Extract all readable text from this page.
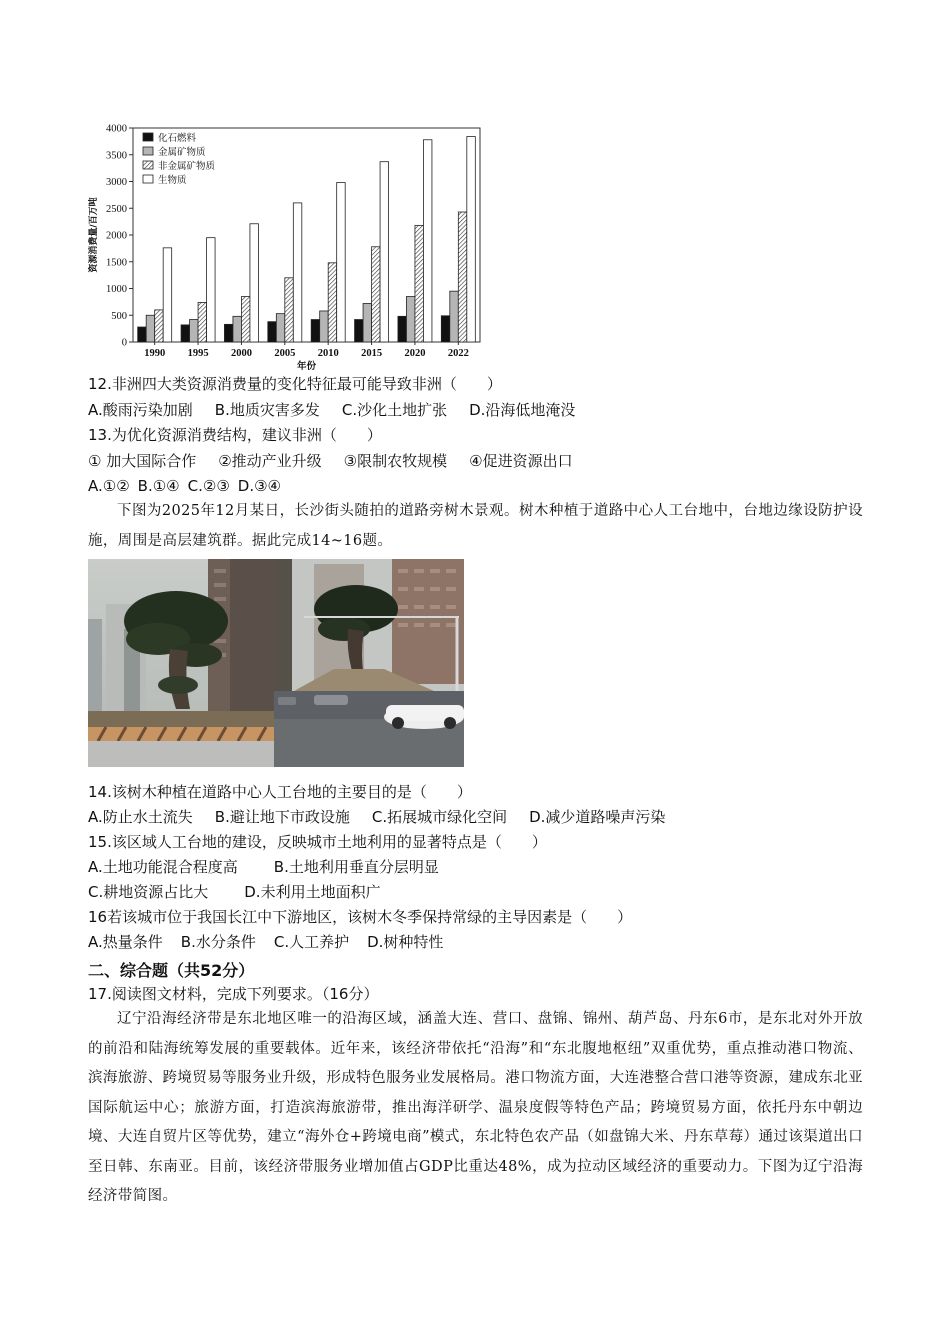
0
500
1000
1500
2000
2500
3000
3500
4000
1990 1995 2000 2005 2010 2015 2020 2022
年份
资源消费量/百万吨
化石燃料
金属矿物质
非金属矿物质
生物质
12.非洲四大类资源消费量的变化特征最可能导致非洲（　　）
A.酸雨污染加剧 B.地质灾害多发 C.沙化土地扩张 D.沿海低地淹没
13.为优化资源消费结构，建议非洲（　　）
① 加大国际合作 ②推动产业升级 ③限制农牧规模 ④促进资源出口
A.①② B.①④ C.②③ D.③④
下图为2025年12月某日，长沙街头随拍的道路旁树木景观。树木种植于道路中心人工台地中，台地边缘设防护设施，周围是高层建筑群。据此完成14~16题。
14.该树木种植在道路中心人工台地的主要目的是（　　）
A.防止水土流失 B.避让地下市政设施 C.拓展城市绿化空间 D.减少道路噪声污染
15.该区域人工台地的建设，反映城市土地利用的显著特点是（　　）
A.土地功能混合程度高 B.土地利用垂直分层明显
C.耕地资源占比大 D.未利用土地面积广
16若该城市位于我国长江中下游地区，该树木冬季保持常绿的主导因素是（　　）
A.热量条件 B.水分条件 C.人工养护 D.树种特性
二、综合题（共52分）
17.阅读图文材料，完成下列要求。（16分）
辽宁沿海经济带是东北地区唯一的沿海区域，涵盖大连、营口、盘锦、锦州、葫芦岛、丹东6市，是东北对外开放的前沿和陆海统筹发展的重要载体。近年来，该经济带依托“沿海”和“东北腹地枢纽”双重优势，重点推动港口物流、滨海旅游、跨境贸易等服务业升级，形成特色服务业发展格局。港口物流方面，大连港整合营口港等资源，建成东北亚国际航运中心；旅游方面，打造滨海旅游带，推出海洋研学、温泉度假等特色产品；跨境贸易方面，依托丹东中朝边境、大连自贸片区等优势，建立“海外仓+跨境电商”模式，东北特色农产品（如盘锦大米、丹东草莓）通过该渠道出口至日韩、东南亚。目前，该经济带服务业增加值占GDP比重达48%，成为拉动区域经济的重要动力。下图为辽宁沿海经济带简图。
